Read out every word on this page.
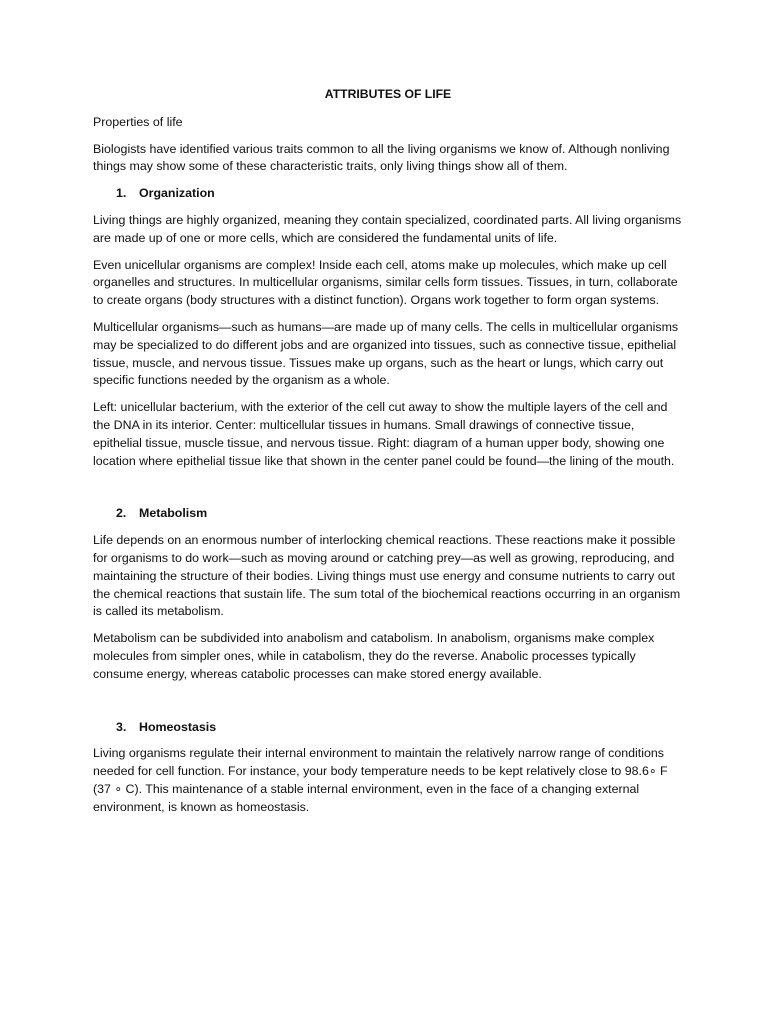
ATTRIBUTES OF LIFE

Properties of life

Biologists have identified various traits common to all the living organisms we know of. Although nonliving things may show some of these characteristic traits, only living things show all of them.

1. Organization

Living things are highly organized, meaning they contain specialized, coordinated parts. All living organisms are made up of one or more cells, which are considered the fundamental units of life.

Even unicellular organisms are complex! Inside each cell, atoms make up molecules, which make up cell organelles and structures. In multicellular organisms, similar cells form tissues. Tissues, in turn, collaborate to create organs (body structures with a distinct function). Organs work together to form organ systems.

Multicellular organisms—such as humans—are made up of many cells. The cells in multicellular organisms may be specialized to do different jobs and are organized into tissues, such as connective tissue, epithelial tissue, muscle, and nervous tissue. Tissues make up organs, such as the heart or lungs, which carry out specific functions needed by the organism as a whole.

Left: unicellular bacterium, with the exterior of the cell cut away to show the multiple layers of the cell and the DNA in its interior. Center: multicellular tissues in humans. Small drawings of connective tissue, epithelial tissue, muscle tissue, and nervous tissue. Right: diagram of a human upper body, showing one location where epithelial tissue like that shown in the center panel could be found—the lining of the mouth.

2. Metabolism

Life depends on an enormous number of interlocking chemical reactions. These reactions make it possible for organisms to do work—such as moving around or catching prey—as well as growing, reproducing, and maintaining the structure of their bodies. Living things must use energy and consume nutrients to carry out the chemical reactions that sustain life. The sum total of the biochemical reactions occurring in an organism is called its metabolism.

Metabolism can be subdivided into anabolism and catabolism. In anabolism, organisms make complex molecules from simpler ones, while in catabolism, they do the reverse. Anabolic processes typically consume energy, whereas catabolic processes can make stored energy available.

3. Homeostasis

Living organisms regulate their internal environment to maintain the relatively narrow range of conditions needed for cell function. For instance, your body temperature needs to be kept relatively close to 98.6∘ F (37 ∘ C). This maintenance of a stable internal environment, even in the face of a changing external environment, is known as homeostasis.
